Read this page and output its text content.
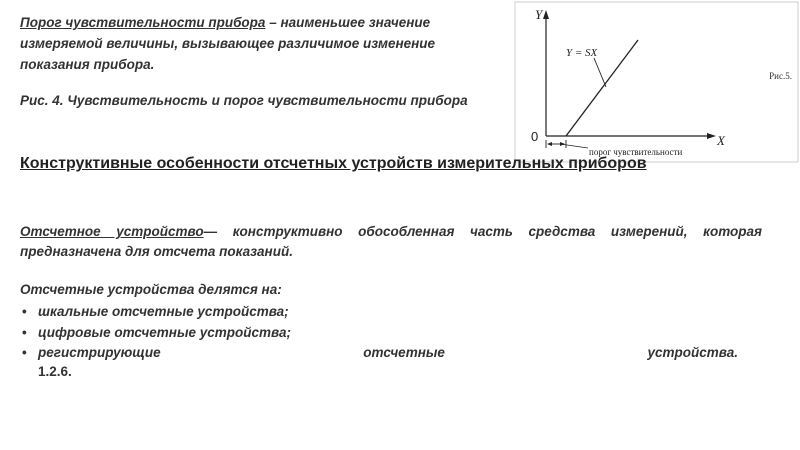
Порог чувствительности прибора – наименьшее значение
измеряемой величины, вызывающее различимое изменение
показания прибора.
Рис. 4. Чувствительность и порог чувствительности прибора
Y
X
0
Y = SX
порог чувствительности
Рис.5.
Конструктивные особенности отсчетных устройств измерительных приборов
Отсчетное устройство— конструктивно обособленная часть средства измерений, которая предназначена для отсчета показаний.
Отсчетные устройства делятся на:
• шкальные отсчетные устройства;
• цифровые отсчетные устройства;
• регистрирующие	отсчетные	устройства.
1.2.6.
